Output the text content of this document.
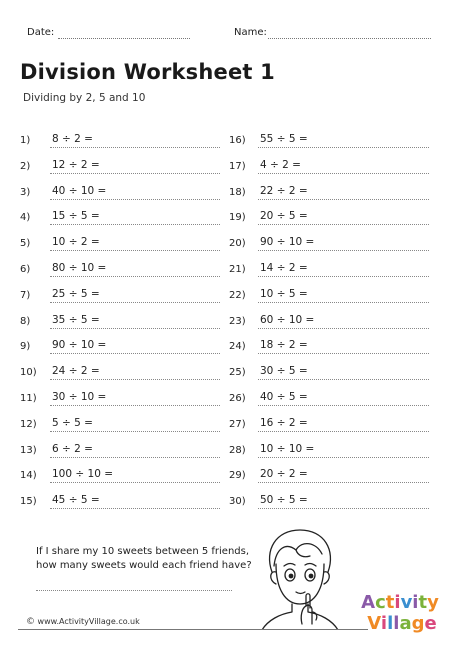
Date:	Name:
Division Worksheet 1
Dividing by 2, 5 and 10
1) 8 ÷ 2 =
2) 12 ÷ 2 =
3) 40 ÷ 10 =
4) 15 ÷ 5 =
5) 10 ÷ 2 =
6) 80 ÷ 10 =
7) 25 ÷ 5 =
8) 35 ÷ 5 =
9) 90 ÷ 10 =
10) 24 ÷ 2 =
11) 30 ÷ 10 =
12) 5 ÷ 5 =
13) 6 ÷ 2 =
14) 100 ÷ 10 =
15) 45 ÷ 5 =
16) 55 ÷ 5 =
17) 4 ÷ 2 =
18) 22 ÷ 2 =
19) 20 ÷ 5 =
20) 90 ÷ 10 =
21) 14 ÷ 2 =
22) 10 ÷ 5 =
23) 60 ÷ 10 =
24) 18 ÷ 2 =
25) 30 ÷ 5 =
26) 40 ÷ 5 =
27) 16 ÷ 2 =
28) 10 ÷ 10 =
29) 20 ÷ 2 =
30) 50 ÷ 5 =
If I share my 10 sweets between 5 friends,
how many sweets would each friend have?
© www.ActivityVillage.co.uk
Activity
Village
